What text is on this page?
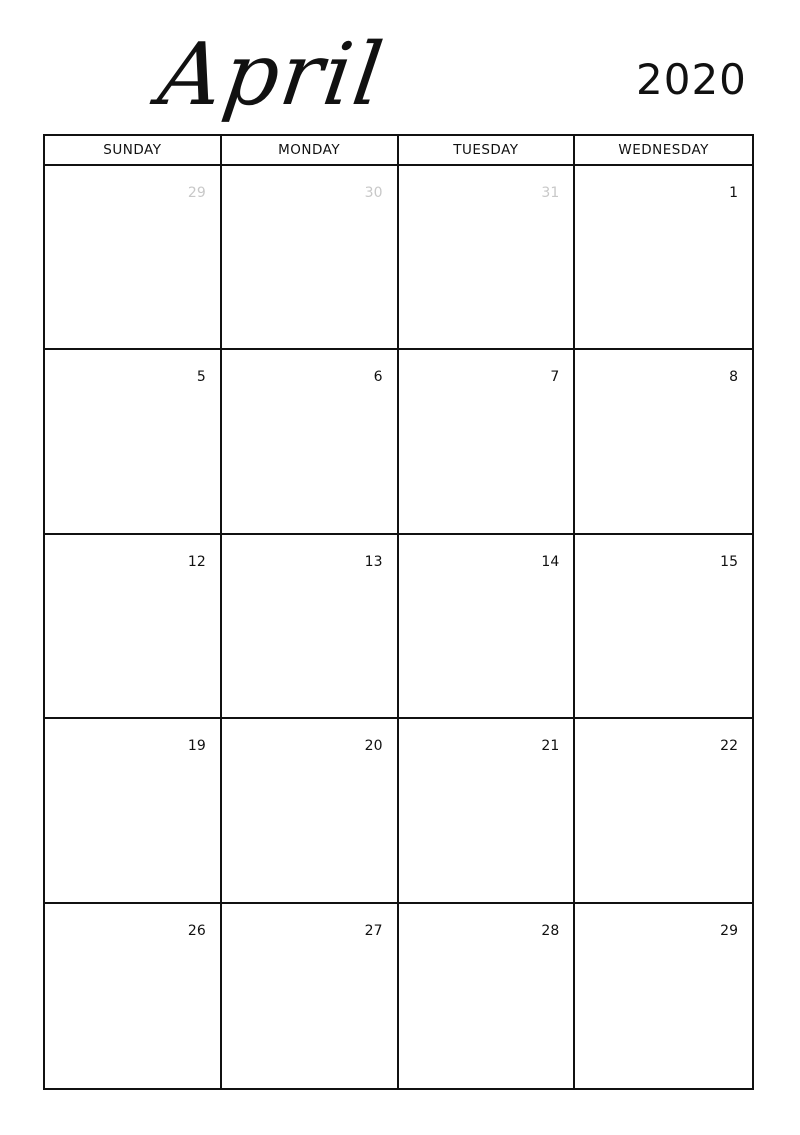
April	2020
SUNDAY	MONDAY	TUESDAY	WEDNESDAY
29	30	31	1
5	6	7	8
12	13	14	15
19	20	21	22
26	27	28	29
